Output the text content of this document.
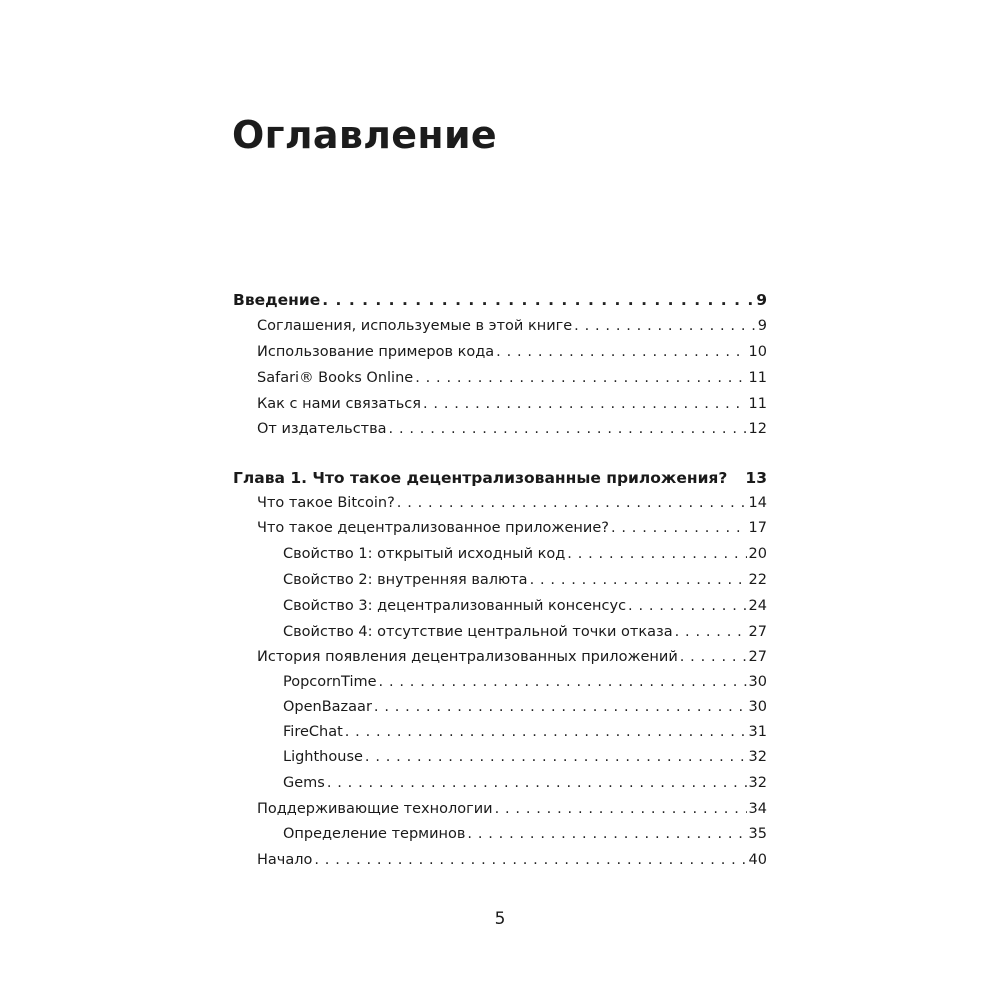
Оглавление
Введение . . .	9
Соглашения, используемые в этой книге . . .	9
Использование примеров кода . . .	10
Safari® Books Online . . .	11
Как с нами связаться . . .	11
От издательства . . .	12
Глава 1. Что такое децентрализованные приложения? 13
Что такое Bitcoin? . . .	14
Что такое децентрализованное приложение? . . .	17
Свойство 1: открытый исходный код . . .	20
Свойство 2: внутренняя валюта . . .	22
Свойство 3: децентрализованный консенсус . . .	24
Свойство 4: отсутствие центральной точки отказа . . .	27
История появления децентрализованных приложений . . .	27
PopcornTime . . .	30
OpenBazaar . . .	30
FireChat . . .	31
Lighthouse . . .	32
Gems . . .	32
Поддерживающие технологии . . .	34
Определение терминов . . .	35
Начало . . .	40
5
